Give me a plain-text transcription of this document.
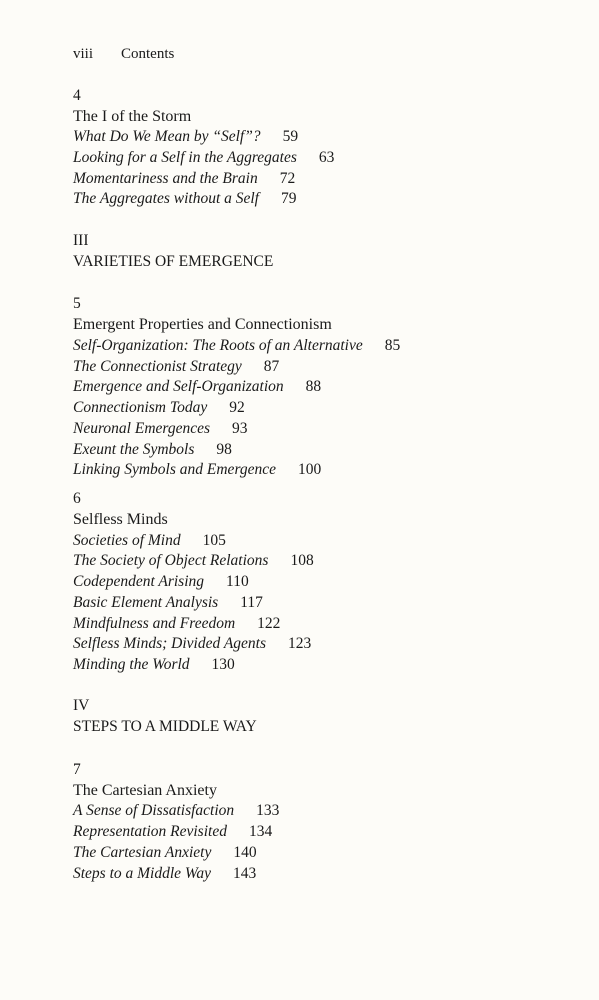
viii Contents
4
The I of the Storm
What Do We Mean by “Self”? 59
Looking for a Self in the Aggregates 63
Momentariness and the Brain 72
The Aggregates without a Self 79
III
VARIETIES OF EMERGENCE
5
Emergent Properties and Connectionism
Self-Organization: The Roots of an Alternative 85
The Connectionist Strategy 87
Emergence and Self-Organization 88
Connectionism Today 92
Neuronal Emergences 93
Exeunt the Symbols 98
Linking Symbols and Emergence 100
6
Selfless Minds
Societies of Mind 105
The Society of Object Relations 108
Codependent Arising 110
Basic Element Analysis 117
Mindfulness and Freedom 122
Selfless Minds; Divided Agents 123
Minding the World 130
IV
STEPS TO A MIDDLE WAY
7
The Cartesian Anxiety
A Sense of Dissatisfaction 133
Representation Revisited 134
The Cartesian Anxiety 140
Steps to a Middle Way 143
